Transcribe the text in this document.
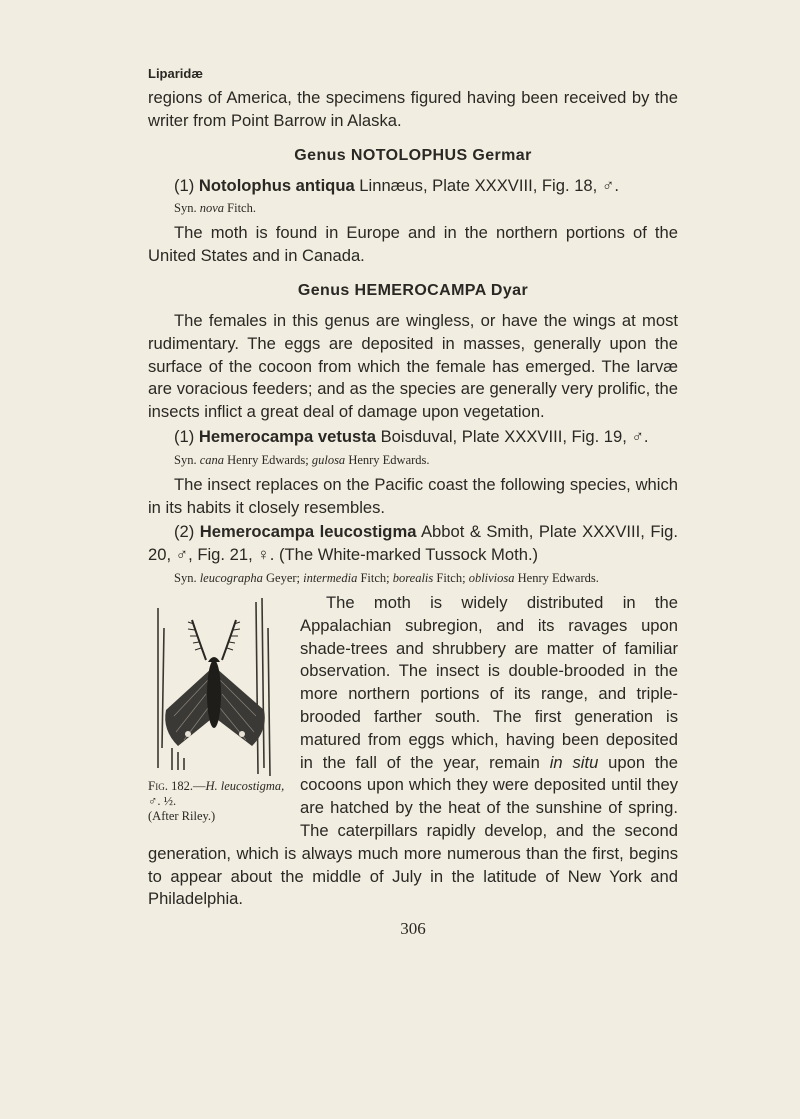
Liparidæ

regions of America, the specimens figured having been received by the writer from Point Barrow in Alaska.

Genus NOTOLOPHUS Germar

(1) Notolophus antiqua Linnæus, Plate XXXVIII, Fig. 18, ♂.

Syn. nova Fitch.

The moth is found in Europe and in the northern portions of the United States and in Canada.

Genus HEMEROCAMPA Dyar

The females in this genus are wingless, or have the wings at most rudimentary. The eggs are deposited in masses, generally upon the surface of the cocoon from which the female has emerged. The larvæ are voracious feeders; and as the species are generally very prolific, the insects inflict a great deal of damage upon vegetation.

(1) Hemerocampa vetusta Boisduval, Plate XXXVIII, Fig. 19, ♂.

Syn. cana Henry Edwards; gulosa Henry Edwards.

The insect replaces on the Pacific coast the following species, which in its habits it closely resembles.

(2) Hemerocampa leucostigma Abbot & Smith, Plate XXXVIII, Fig. 20, ♂, Fig. 21, ♀. (The White-marked Tussock Moth.)

Syn. leucographa Geyer; intermedia Fitch; borealis Fitch; obliviosa Henry Edwards.
Fig. 182.—H. leucostigma, ♂. ½.
(After Riley.)

The moth is widely distributed in the Appalachian subregion, and its ravages upon shade-trees and shrubbery are matter of familiar observation. The insect is double-brooded in the more northern portions of its range, and triple-brooded farther south. The first generation is matured from eggs which, having been deposited in the fall of the year, remain in situ upon the cocoons upon which they were deposited until they are hatched by the heat of the sunshine of spring. The caterpillars rapidly develop, and the second generation, which is always much more numerous than the first, begins to appear about the middle of July in the latitude of New York and Philadelphia.

306
